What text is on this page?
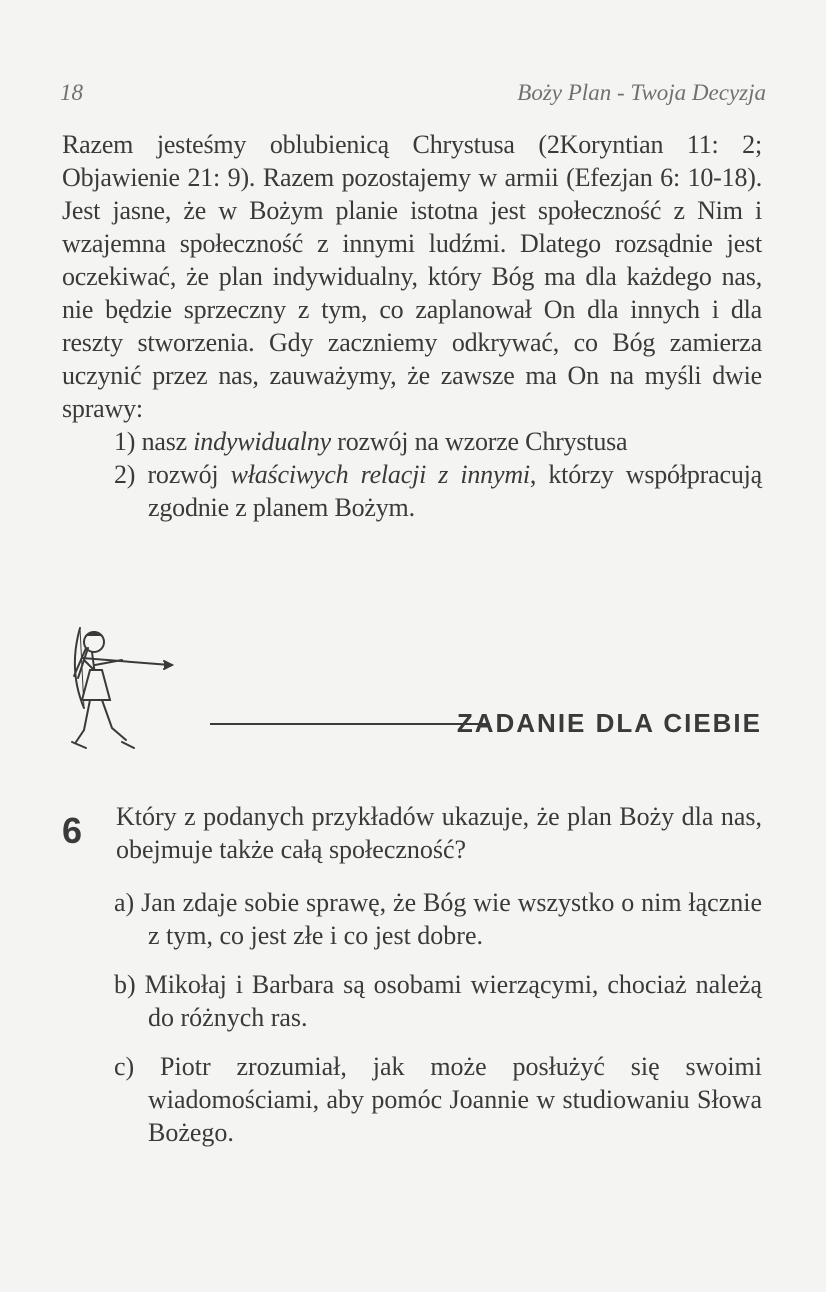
18	Boży Plan - Twoja Decyzja

Razem jesteśmy oblubienicą Chrystusa (2Koryntian 11: 2; Objawienie 21: 9). Razem pozostajemy w armii (Efezjan 6: 10-18). Jest jasne, że w Bożym planie istotna jest społeczność z Nim i wzajemna społeczność z innymi ludźmi. Dlatego rozsądnie jest oczekiwać, że plan indywidualny, który Bóg ma dla każdego nas, nie będzie sprzeczny z tym, co zaplanował On dla innych i dla reszty stworzenia. Gdy zaczniemy odkrywać, co Bóg zamierza uczynić przez nas, zauważymy, że zawsze ma On na myśli dwie sprawy:

1) nasz indywidualny rozwój na wzorze Chrystusa
2) rozwój właściwych relacji z innymi, którzy współpracują zgodnie z planem Bożym.
ZADANIE DLA CIEBIE
6 Który z podanych przykładów ukazuje, że plan Boży dla nas, obejmuje także całą społeczność?
a) Jan zdaje sobie sprawę, że Bóg wie wszystko o nim łącznie z tym, co jest złe i co jest dobre.
b) Mikołaj i Barbara są osobami wierzącymi, chociaż należą do różnych ras.
c) Piotr zrozumiał, jak może posłużyć się swoimi wiadomościami, aby pomóc Joannie w studiowaniu Słowa Bożego.
